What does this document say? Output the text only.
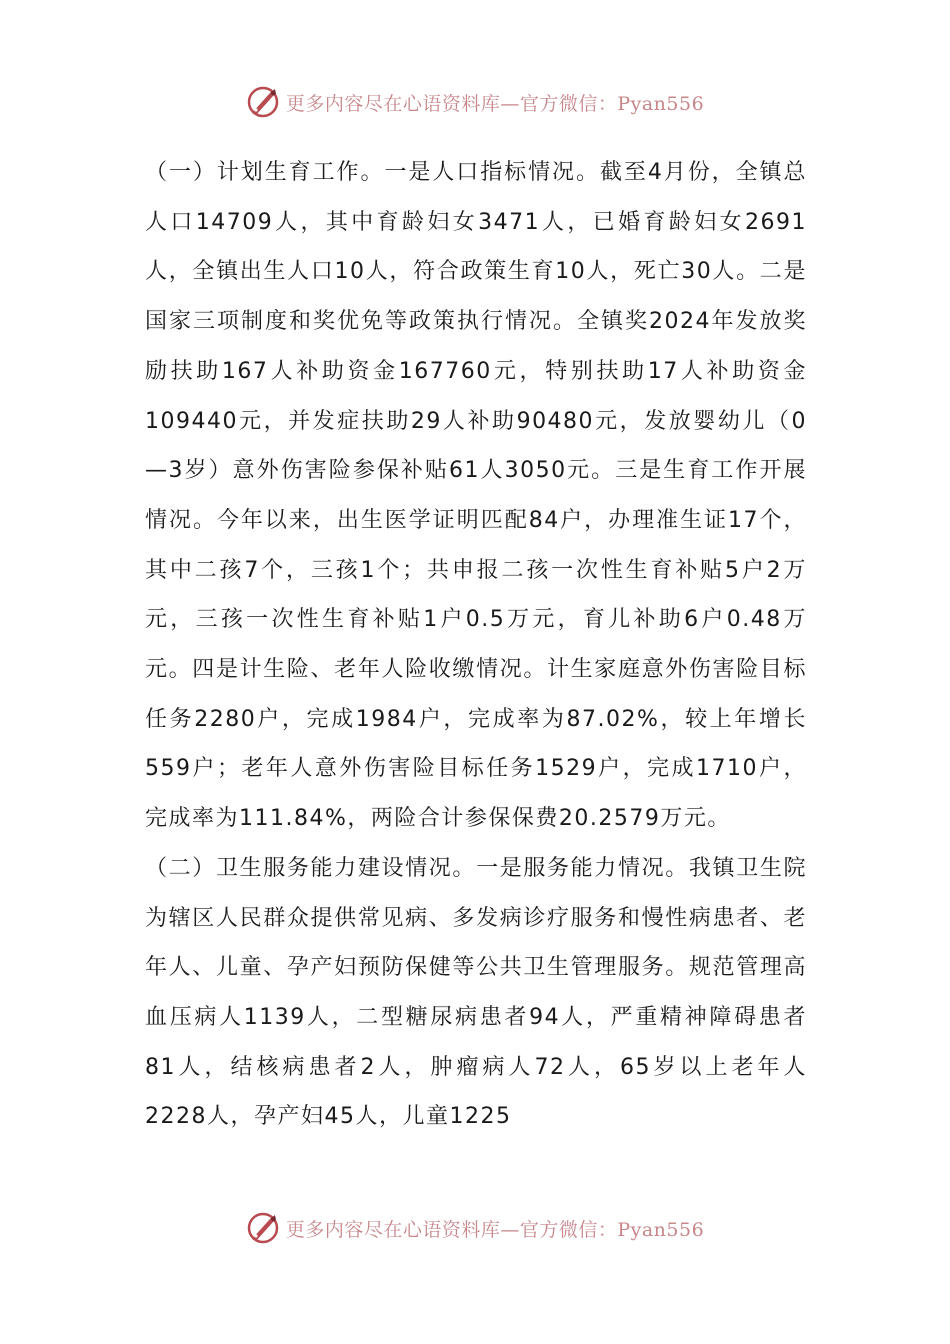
更多内容尽在心语资料库—官方微信：Pyan556

（一）计划生育工作。一是人口指标情况。截至4月份，全镇总人口14709人，其中育龄妇女3471人，已婚育龄妇女2691人，全镇出生人口10人，符合政策生育10人，死亡30人。二是国家三项制度和奖优免等政策执行情况。全镇奖2024年发放奖励扶助167人补助资金167760元，特别扶助17人补助资金109440元，并发症扶助29人补助90480元，发放婴幼儿（0—3岁）意外伤害险参保补贴61人3050元。三是生育工作开展情况。今年以来，出生医学证明匹配84户，办理准生证17个，其中二孩7个，三孩1个；共申报二孩一次性生育补贴5户2万元，三孩一次性生育补贴1户0.5万元，育儿补助6户0.48万元。四是计生险、老年人险收缴情况。计生家庭意外伤害险目标任务2280户，完成1984户，完成率为87.02%，较上年增长559户；老年人意外伤害险目标任务1529户，完成1710户，完成率为111.84%，两险合计参保保费20.2579万元。

（二）卫生服务能力建设情况。一是服务能力情况。我镇卫生院为辖区人民群众提供常见病、多发病诊疗服务和慢性病患者、老年人、儿童、孕产妇预防保健等公共卫生管理服务。规范管理高血压病人1139人，二型糖尿病患者94人，严重精神障碍患者81人，结核病患者2人，肿瘤病人72人，65岁以上老年人2228人，孕产妇45人，儿童1225

更多内容尽在心语资料库—官方微信：Pyan556
